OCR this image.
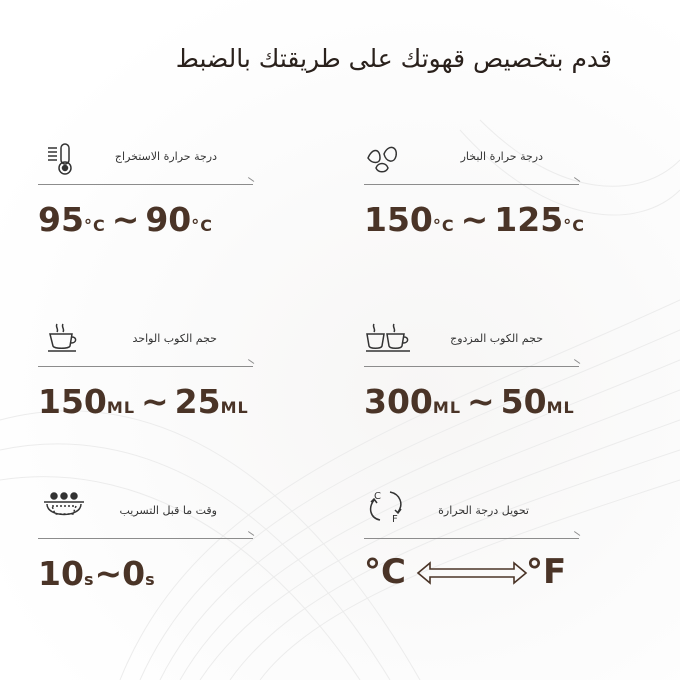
قدم بتخصيص قهوتك على طريقتك بالضبط
درجة حرارة الاستخراج
95°C ~ 90°C
درجة حرارة البخار
150°C ~ 125°C
حجم الكوب الواحد
150ML ~ 25ML
حجم الكوب المزدوج
300ML ~ 50ML
وقت ما قبل التسريب
10s~0s
C
F
تحويل درجة الحرارة
°C	°F
